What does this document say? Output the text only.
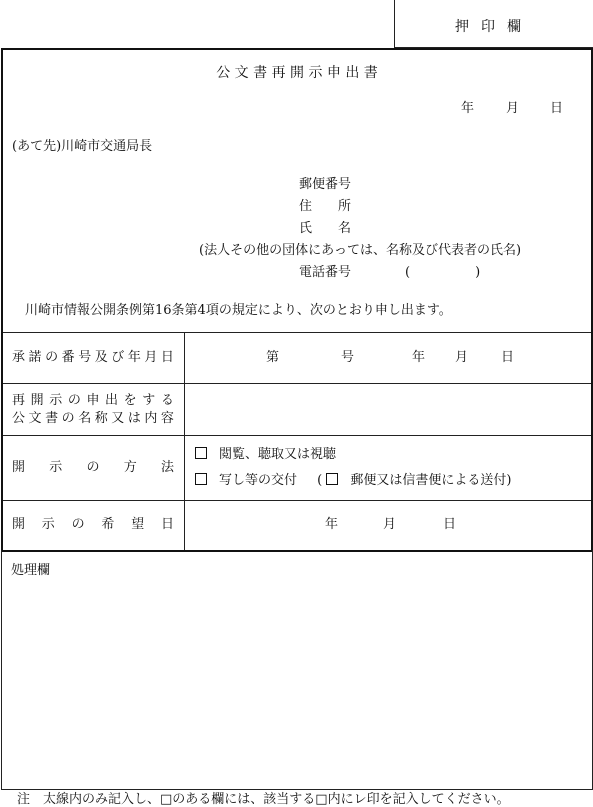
押印欄
公 文 書 再 開 示 申 出 書
年 月 日
(あて先)川崎市交通局長
郵便番号
住　　所
氏　　名
(法人その他の団体にあっては、名称及び代表者の氏名)
電話番号	(　　　　　)
川崎市情報公開条例第16条第4項の規定により、次のとおり申し出ます。
承 諾 の 番 号 及 び 年 月 日	第	号	年 月	日
再 開 示 の 申 出 を す る
公 文 書 の 名 称 又 は 内 容
開 示 の 方 法
閲覧、聴取又は視聴
写し等の交付 ( 郵便又は信書便による送付)
開 示 の 希 望 日	年	月	日
処理欄
注　太線内のみ記入し、□のある欄には、該当する□内にレ印を記入してください。
